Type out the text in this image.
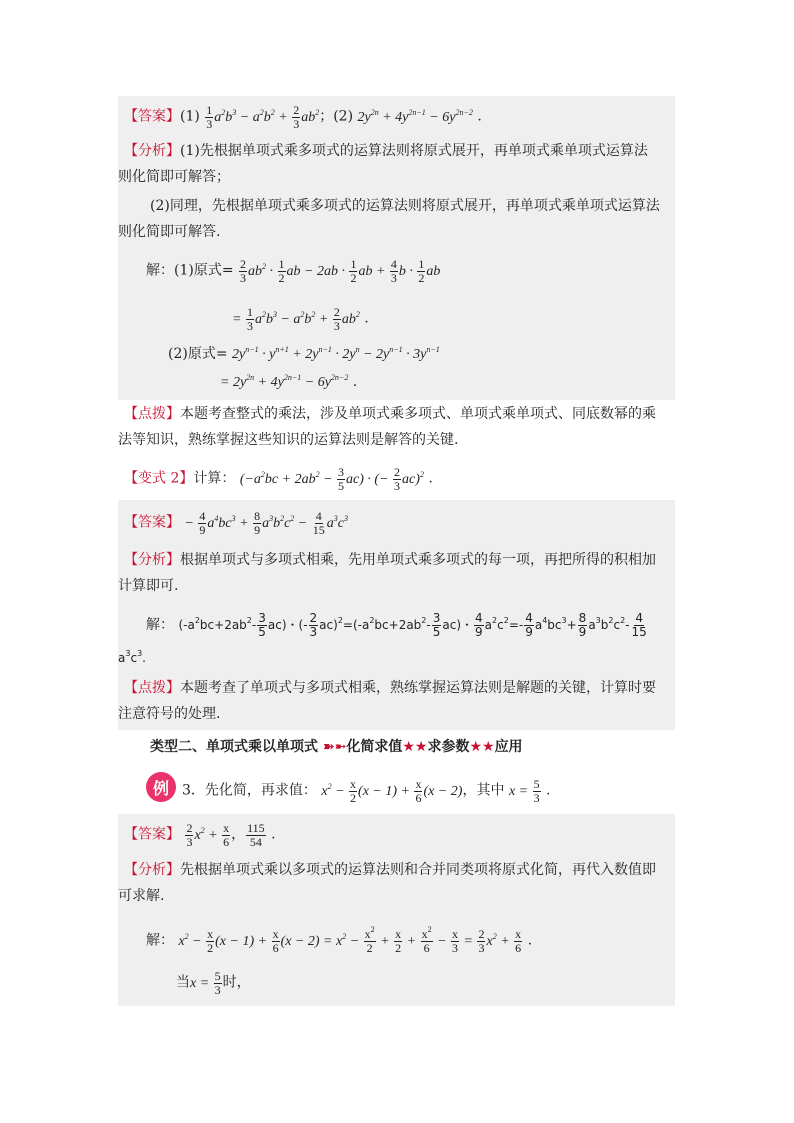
【答案】$(1) \frac{1}{3} a^2b^3 - a^2b^2 + \frac{2}{3} ab^2$；(2) $2y^{2n} + 4y^{2n-1} - 6y^{2n-2}$ .
【分析】(1)先根据单项式乘多项式的运算法则将原式展开，再单项式乘单项式运算法
则化简即可解答；
(2)同理，先根据单项式乘多项式的运算法则将原式展开，再单项式乘单项式运算法
则化简即可解答.
解：(1)原式= $\frac{2}{3} ab^2 \cdot \frac{1}{2}$ ab − $2ab \cdot \frac{1}{2}$ ab + $\frac{4}{3}$ $b \cdot \frac{1}{2}$ ab
= $\frac{1}{3} a^2b^3 - a^2b^2 + \frac{2}{3} ab^2$ .
(2)原式= $2y^{n-1} \cdot y^{n+1} + 2y^{n-1} \cdot 2y^n - 2y^{n-1} \cdot 3y^{n-1}$
= $2y^{2n} + 4y^{2n-1} - 6y^{2n-2}$ .
【点拨】本题考查整式的乘法，涉及单项式乘多项式、单项式乘单项式、同底数幂的乘
法等知识，熟练掌握这些知识的运算法则是解答的关键.
【变式 2】计算： $(-a^2bc + 2ab^2 - \frac{3}{5} ac)$ · (− $\frac{2}{3} ac)^2$ .
【答案】 − $\frac{4}{9} a^4bc^3 + \frac{8}{9} a^3b^2c^2 - \frac{4}{15} a^3c^3$
【分析】根据单项式与多项式相乘，先用单项式乘多项式的每一项，再把所得的积相加
计算即可.
解： $(-a^2bc+2ab^2- \frac{3}{5} ac)$・(- $\frac{2}{3} ac)^2=(-a^2bc+2ab^2- \frac{3}{5} ac)$・ $\frac{4}{9} a^2c^2=- \frac{4}{9} a^4bc^3+ \frac{8}{9} a^3b^2c^2- \frac{4}{15}$
$a^3c^3$.
【点拨】本题考查了单项式与多项式相乘，熟练掌握运算法则是解题的关键，计算时要
注意符号的处理.
类型二、单项式乘以单项式 ➽➼化简求值★★求参数★★应用
例 3．先化简，再求值： $x^2 - \frac{x}{2} (x - 1) + \frac{x}{6} (x - 2)$，其中 $x = \frac{5}{3}$ .
【答案】 $\frac{2}{3} x^2 + \frac{x}{6}$ ， $\frac{115}{54}$ .
【分析】先根据单项式乘以多项式的运算法则和合并同类项将原式化简，再代入数值即
可求解.
解： $x^2 - \frac{x}{2} (x - 1) + \frac{x}{6} (x - 2) = x^2 - \frac{x^2}{2} + \frac{x}{2} + \frac{x^2}{6} - \frac{x}{3} = \frac{2}{3} x^2 + \frac{x}{6}$ .
当$x = \frac{5}{3}$ 时，
